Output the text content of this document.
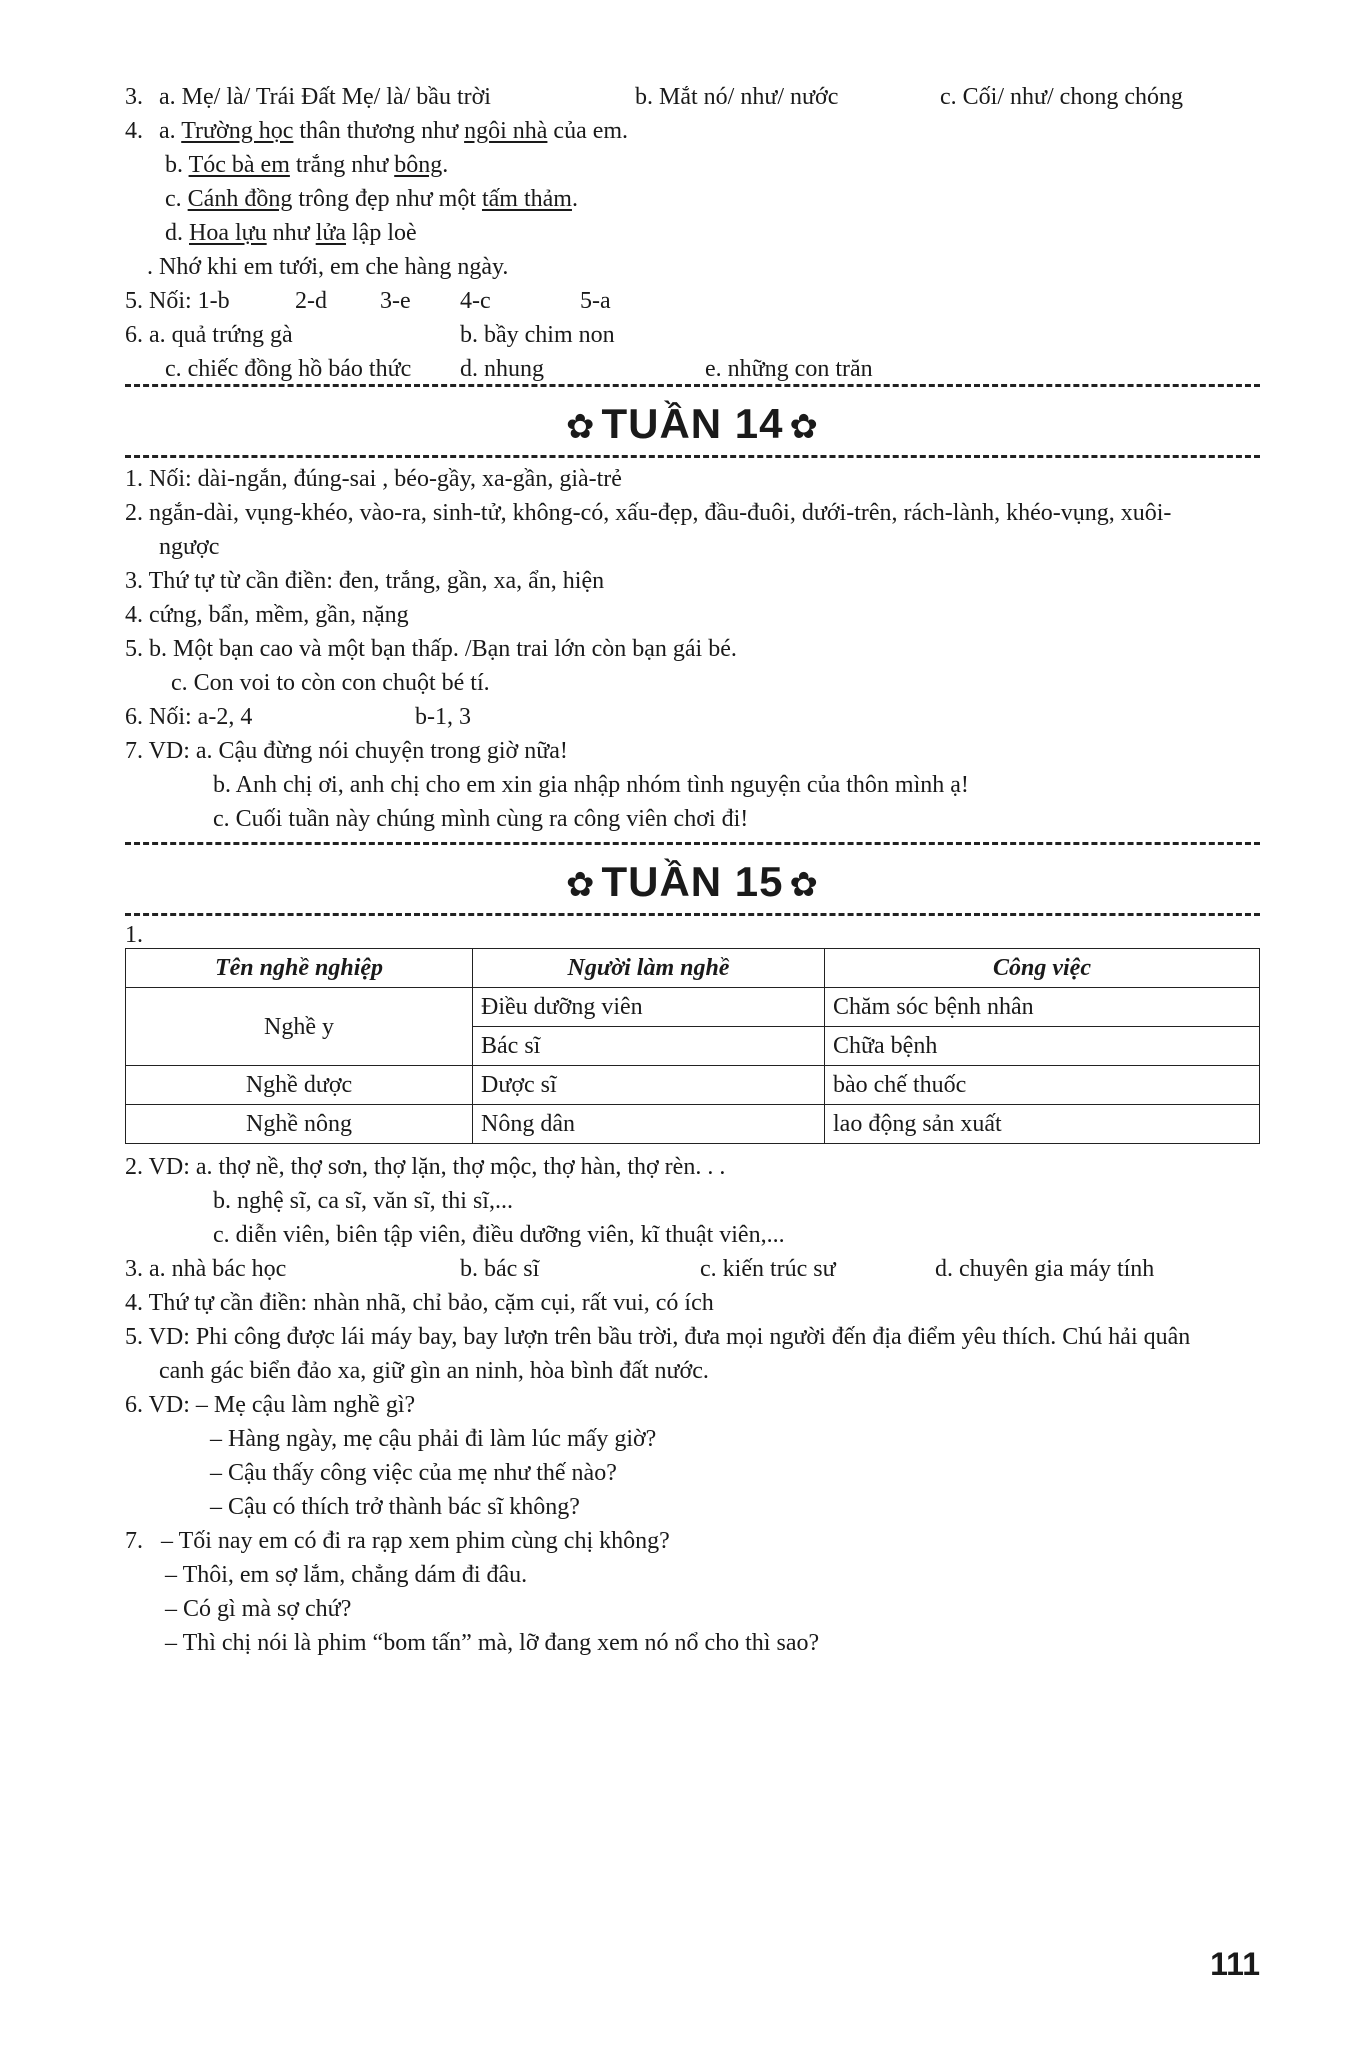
3. a. Mẹ/ là/ Trái Đất Mẹ/ là/ bầu trời	b. Mắt nó/ như/ nước	c. Cối/ như/ chong chóng
4. a. Trường học thân thương như ngôi nhà của em.
b. Tóc bà em trắng như bông.
c. Cánh đồng trông đẹp như một tấm thảm.
d. Hoa lựu như lửa lập loè
. Nhớ khi em tưới, em che hàng ngày.
5. Nối: 1-b	2-d 3-e 4-c	5-a
6. a. quả trứng gà	b. bầy chim non
c. chiếc đồng hồ báo thức d. nhung	e. những con trăn
✿ TUẦN 14 ✿
1. Nối: dài-ngắn, đúng-sai , béo-gầy, xa-gần, già-trẻ
2. ngắn-dài, vụng-khéo, vào-ra, sinh-tử, không-có, xấu-đẹp, đầu-đuôi, dưới-trên, rách-lành, khéo-vụng, xuôi-
ngược
3. Thứ tự từ cần điền: đen, trắng, gần, xa, ẩn, hiện
4. cứng, bẩn, mềm, gần, nặng
5. b. Một bạn cao và một bạn thấp. /Bạn trai lớn còn bạn gái bé.
c. Con voi to còn con chuột bé tí.
6. Nối: a-2, 4	b-1, 3
7. VD: a. Cậu đừng nói chuyện trong giờ nữa!
b. Anh chị ơi, anh chị cho em xin gia nhập nhóm tình nguyện của thôn mình ạ!
c. Cuối tuần này chúng mình cùng ra công viên chơi đi!
✿ TUẦN 15 ✿
1.
Tên nghề nghiệp	Người làm nghề	Công việc
Nghề y	Điều dưỡng viên	Chăm sóc bệnh nhân
	Bác sĩ	Chữa bệnh
Nghề dược	Dược sĩ	bào chế thuốc
Nghề nông	Nông dân	lao động sản xuất
2. VD: a. thợ nề, thợ sơn, thợ lặn, thợ mộc, thợ hàn, thợ rèn. . .
b. nghệ sĩ, ca sĩ, văn sĩ, thi sĩ,...
c. diễn viên, biên tập viên, điều dưỡng viên, kĩ thuật viên,...
3. a. nhà bác học	b. bác sĩ	c. kiến trúc sư	d. chuyên gia máy tính
4. Thứ tự cần điền: nhàn nhã, chỉ bảo, cặm cụi, rất vui, có ích
5. VD: Phi công được lái máy bay, bay lượn trên bầu trời, đưa mọi người đến địa điểm yêu thích. Chú hải quân
canh gác biển đảo xa, giữ gìn an ninh, hòa bình đất nước.
6. VD: – Mẹ cậu làm nghề gì?
– Hàng ngày, mẹ cậu phải đi làm lúc mấy giờ?
– Cậu thấy công việc của mẹ như thế nào?
– Cậu có thích trở thành bác sĩ không?
7.   – Tối nay em có đi ra rạp xem phim cùng chị không?
– Thôi, em sợ lắm, chẳng dám đi đâu.
– Có gì mà sợ chứ?
– Thì chị nói là phim “bom tấn” mà, lỡ đang xem nó nổ cho thì sao?
111
